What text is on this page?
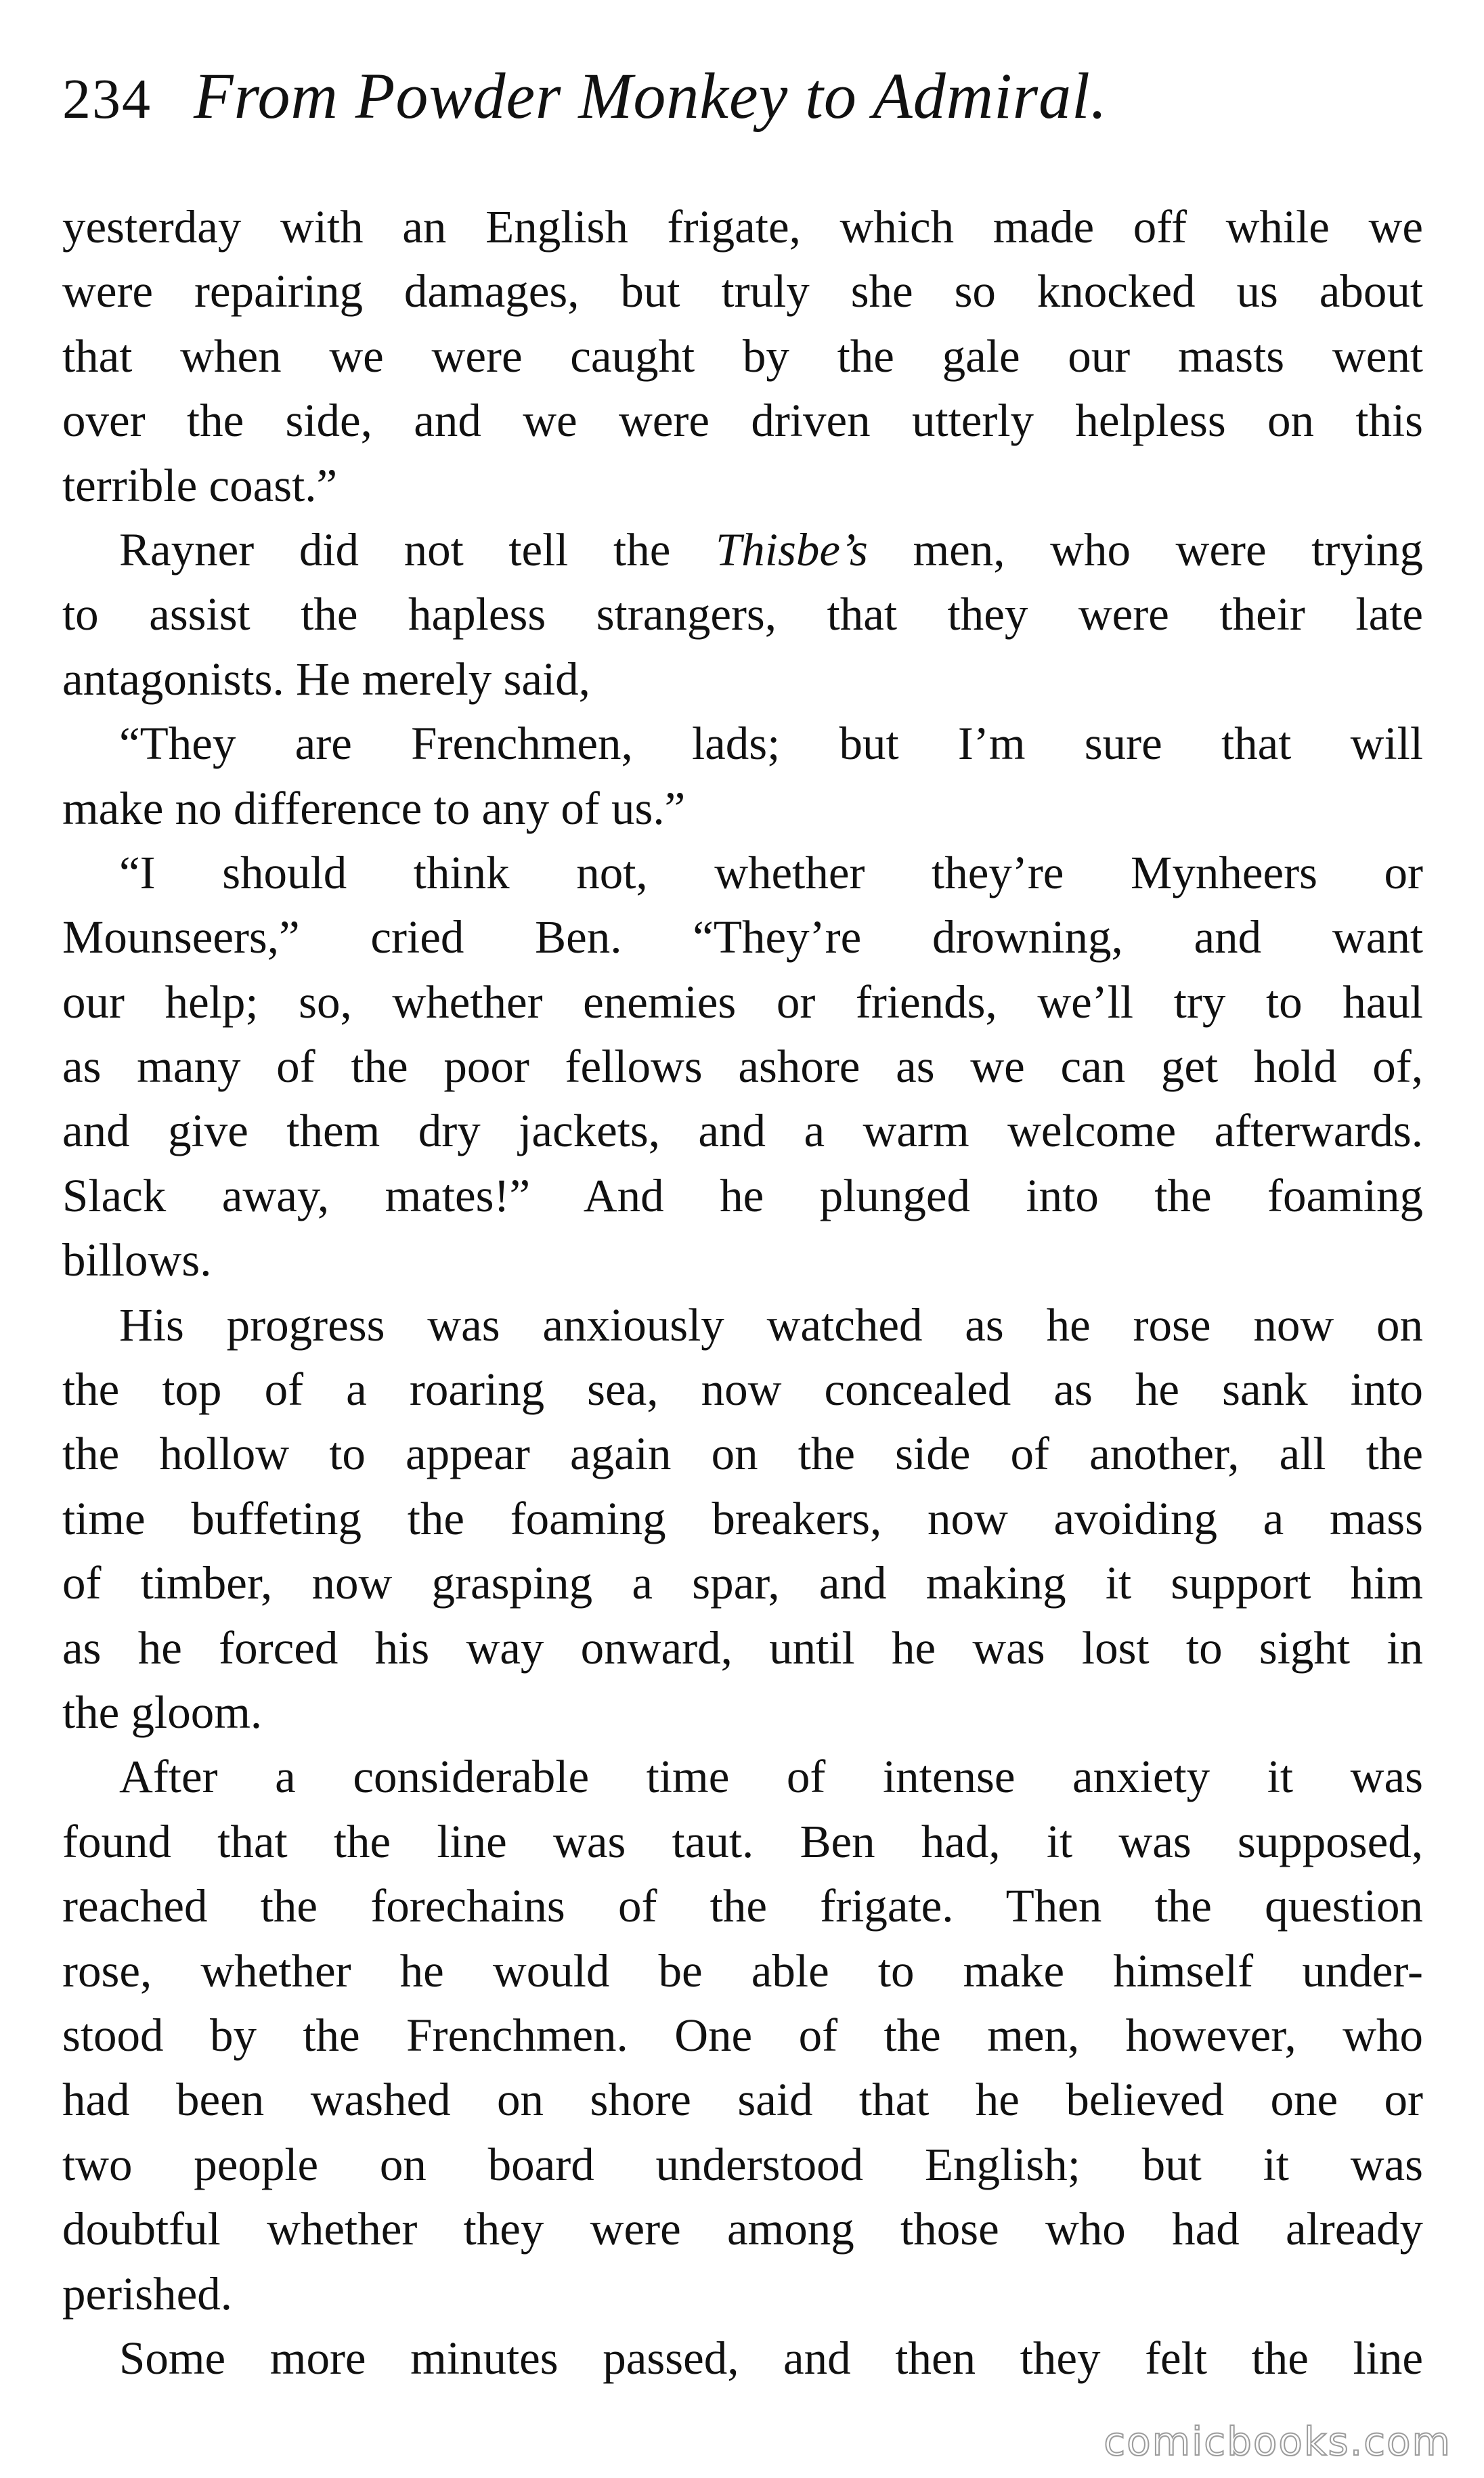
234 From Powder Monkey to Admiral.
yesterday with an English frigate, which made off while we
were repairing damages, but truly she so knocked us about
that when we were caught by the gale our masts went
over the side, and we were driven utterly helpless on this
terrible coast.”
Rayner did not tell the Thisbe’s men, who were trying
to assist the hapless strangers, that they were their late
antagonists. He merely said,
“They are Frenchmen, lads; but I’m sure that will
make no difference to any of us.”
“I should think not, whether they’re Mynheers or
Mounseers,” cried Ben. “They’re drowning, and want
our help; so, whether enemies or friends, we’ll try to haul
as many of the poor fellows ashore as we can get hold of,
and give them dry jackets, and a warm welcome afterwards.
Slack away, mates!” And he plunged into the foaming
billows.
His progress was anxiously watched as he rose now on
the top of a roaring sea, now concealed as he sank into
the hollow to appear again on the side of another, all the
time buffeting the foaming breakers, now avoiding a mass
of timber, now grasping a spar, and making it support him
as he forced his way onward, until he was lost to sight in
the gloom.
After a considerable time of intense anxiety it was
found that the line was taut. Ben had, it was supposed,
reached the forechains of the frigate. Then the question
rose, whether he would be able to make himself under-
stood by the Frenchmen. One of the men, however, who
had been washed on shore said that he believed one or
two people on board understood English; but it was
doubtful whether they were among those who had already
perished.
Some more minutes passed, and then they felt the line
comicbooks.com
